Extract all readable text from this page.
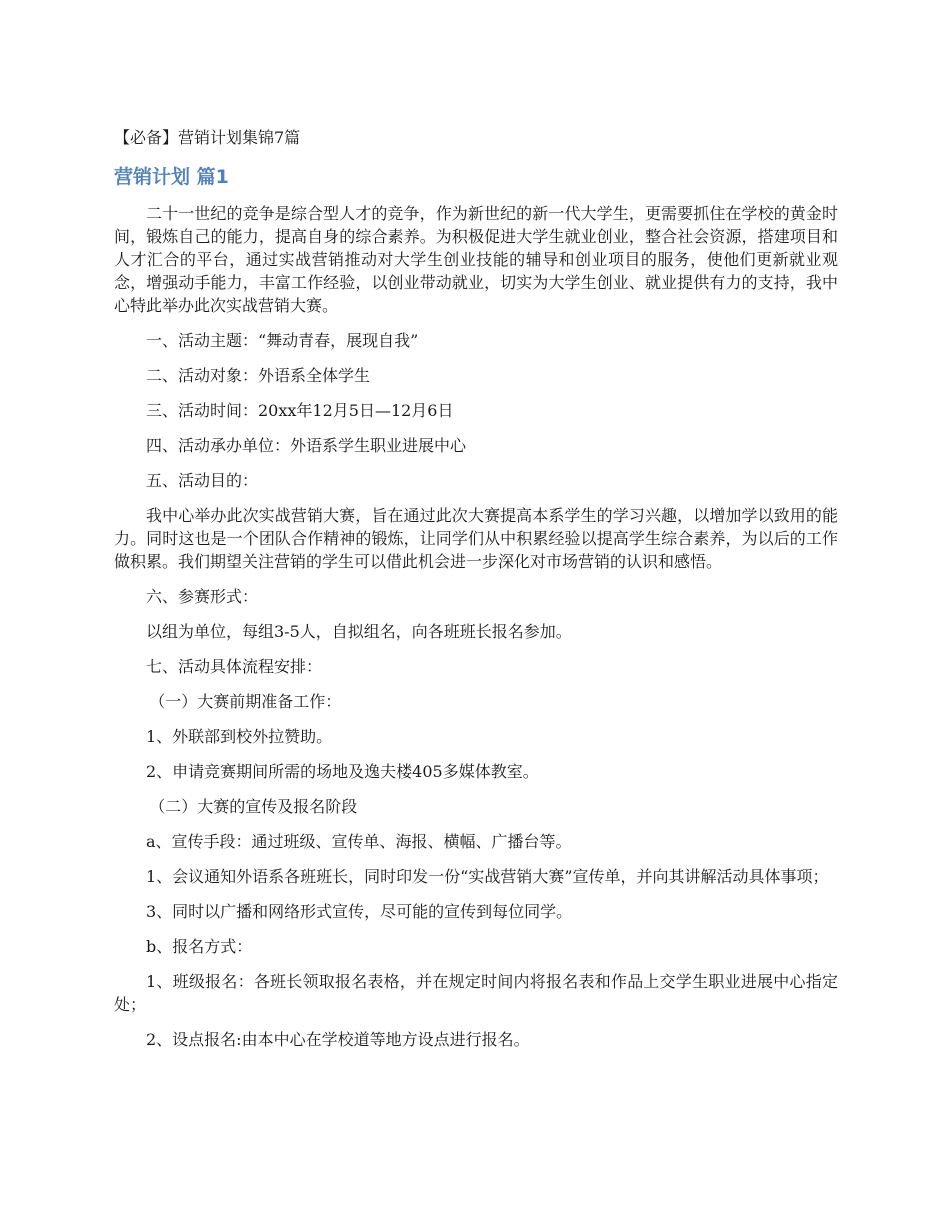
【必备】营销计划集锦7篇
营销计划 篇1

二十一世纪的竞争是综合型人才的竞争，作为新世纪的新一代大学生，更需要抓住在学校的黄金时间，锻炼自己的能力，提高自身的综合素养。为积极促进大学生就业创业，整合社会资源，搭建项目和人才汇合的平台，通过实战营销推动对大学生创业技能的辅导和创业项目的服务，使他们更新就业观念，增强动手能力，丰富工作经验，以创业带动就业，切实为大学生创业、就业提供有力的支持，我中心特此举办此次实战营销大赛。

一、活动主题：“舞动青春，展现自我”

二、活动对象：外语系全体学生

三、活动时间：20xx年12月5日—12月6日

四、活动承办单位：外语系学生职业进展中心

五、活动目的：

我中心举办此次实战营销大赛，旨在通过此次大赛提高本系学生的学习兴趣，以增加学以致用的能力。同时这也是一个团队合作精神的锻炼，让同学们从中积累经验以提高学生综合素养，为以后的工作做积累。我们期望关注营销的学生可以借此机会进一步深化对市场营销的认识和感悟。

六、参赛形式：

以组为单位，每组3-5人，自拟组名，向各班班长报名参加。

七、活动具体流程安排：

（一）大赛前期准备工作：

1、外联部到校外拉赞助。

2、申请竞赛期间所需的场地及逸夫楼405多媒体教室。

（二）大赛的宣传及报名阶段

a、宣传手段：通过班级、宣传单、海报、横幅、广播台等。

1、会议通知外语系各班班长，同时印发一份“实战营销大赛”宣传单，并向其讲解活动具体事项；

3、同时以广播和网络形式宣传，尽可能的宣传到每位同学。

b、报名方式：

1、班级报名：各班长领取报名表格，并在规定时间内将报名表和作品上交学生职业进展中心指定处；

2、设点报名:由本中心在学校道等地方设点进行报名。
